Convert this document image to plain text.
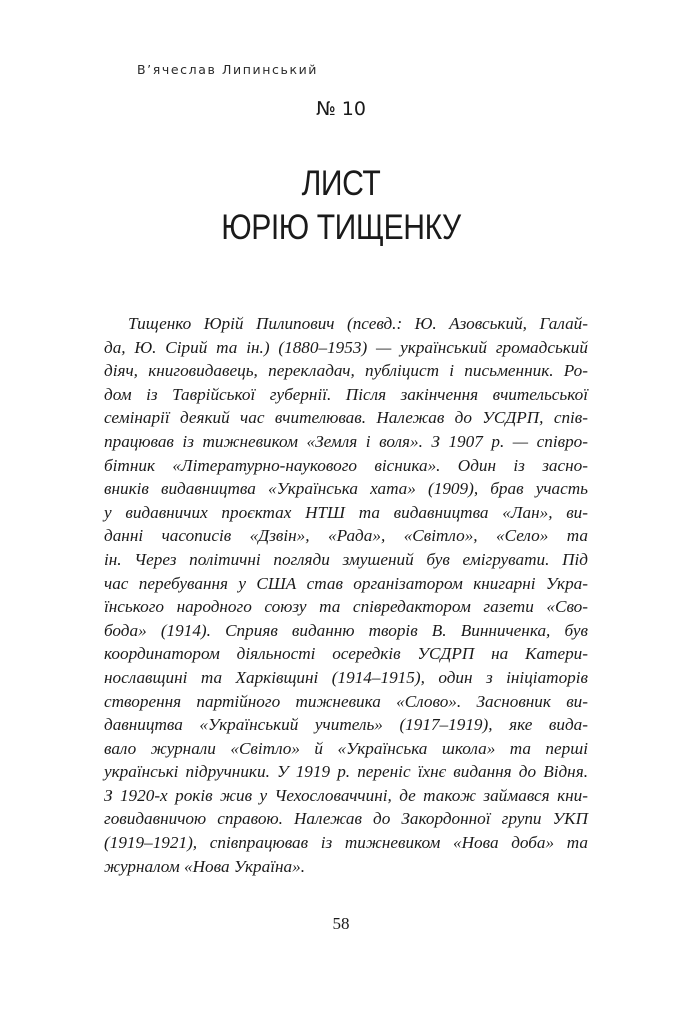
В’ячеслав Липинський
№ 10
ЛИСТ
ЮРІЮ ТИЩЕНКУ

Тищенко Юрій Пилипович (псевд.: Ю. Азовський, Галай-
да, Ю. Сірий та ін.) (1880–1953) — український громадський
діяч, книговидавець, перекладач, публіцист і письменник. Ро-
дом із Таврійської губернії. Після закінчення вчительської
семінарії деякий час вчителював. Належав до УСДРП, спів-
працював із тижневиком «Земля і воля». З 1907 р. — співро-
бітник «Літературно-наукового вісника». Один із засно-
вників видавництва «Українська хата» (1909), брав участь
у видавничих проєктах НТШ та видавництва «Лан», ви-
данні часописів «Дзвін», «Рада», «Світло», «Село» та
ін. Через політичні погляди змушений був емігрувати. Під
час перебування у США став організатором книгарні Укра-
їнського народного союзу та співредактором газети «Сво-
бода» (1914). Сприяв виданню творів В. Винниченка, був
координатором діяльності осередків УСДРП на Катери-
нославщині та Харківщині (1914–1915), один з ініціаторів
створення партійного тижневика «Слово». Засновник ви-
давництва «Український учитель» (1917–1919), яке вида-
вало журнали «Світло» й «Українська школа» та перші
українські підручники. У 1919 р. переніс їхнє видання до Відня.
З 1920-х років жив у Чехословаччині, де також займався кни-
говидавничою справою. Належав до Закордонної групи УКП
(1919–1921), співпрацював із тижневиком «Нова доба» та
журналом «Нова Україна».

58
